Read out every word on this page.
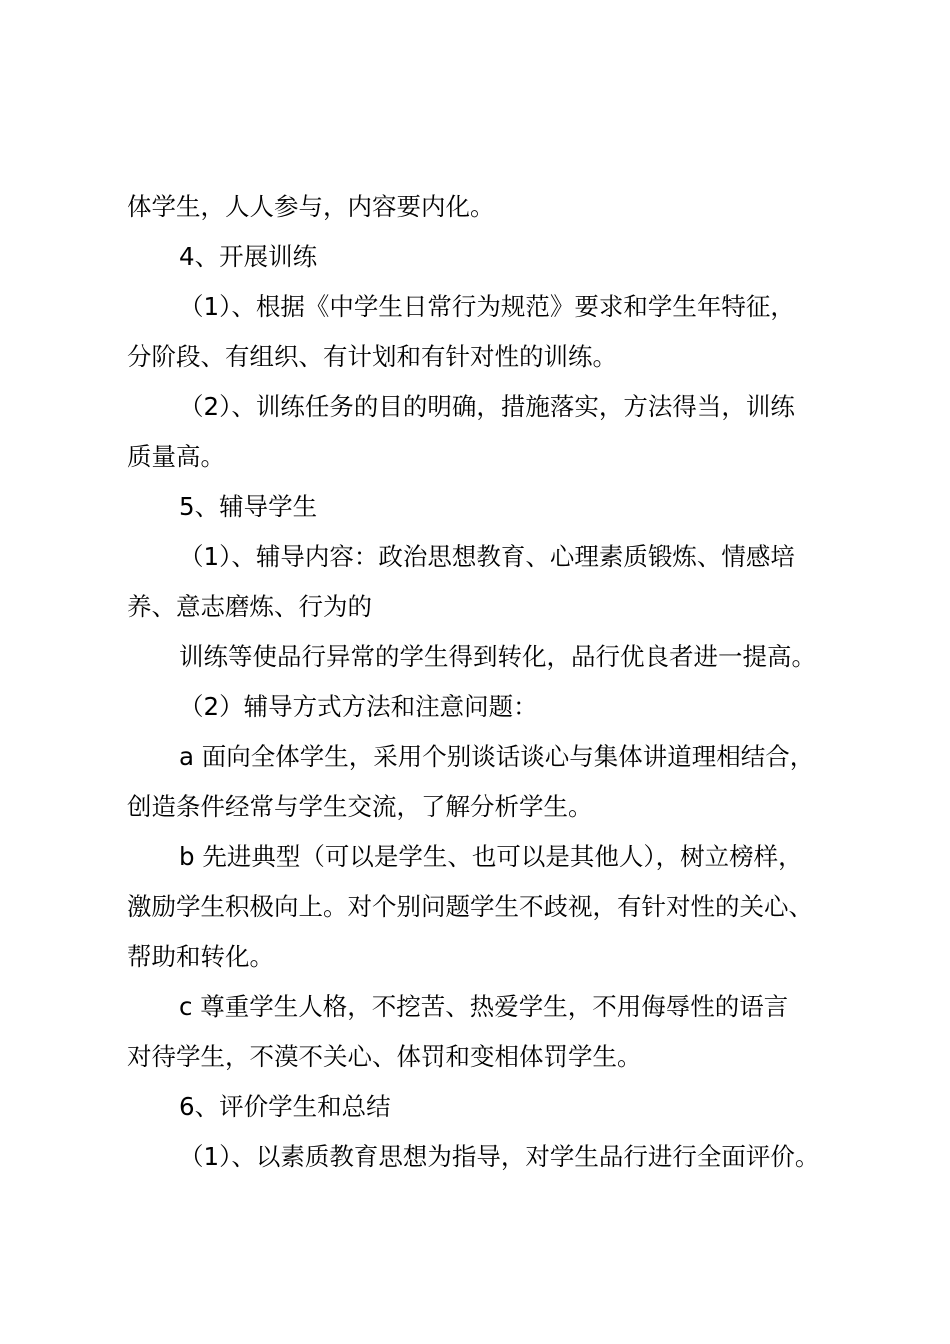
体学生，人人参与，内容要内化。
4、开展训练
（1）、根据《中学生日常行为规范》要求和学生年特征，
分阶段、有组织、有计划和有针对性的训练。
（2）、训练任务的目的明确，措施落实，方法得当，训练
质量高。
5、辅导学生
（1）、辅导内容：政治思想教育、心理素质锻炼、情感培
养、意志磨炼、行为的
训练等使品行异常的学生得到转化，品行优良者进一提高。
（2）辅导方式方法和注意问题：
a 面向全体学生，采用个别谈话谈心与集体讲道理相结合，
创造条件经常与学生交流，了解分析学生。
b 先进典型（可以是学生、也可以是其他人），树立榜样，
激励学生积极向上。对个别问题学生不歧视，有针对性的关心、
帮助和转化。
c 尊重学生人格，不挖苦、热爱学生，不用侮辱性的语言
对待学生，不漠不关心、体罚和变相体罚学生。
6、评价学生和总结
（1）、以素质教育思想为指导，对学生品行进行全面评价。
